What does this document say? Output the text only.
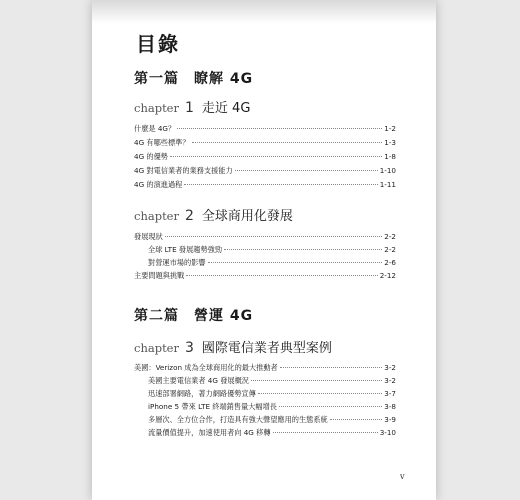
目錄
第一篇　瞭解 4G
chapter 1 走近 4G
什麼是 4G？	1-2
4G 有哪些標準？	1-3
4G 的優勢	1-8
4G 對電信業者的業務支援能力	1-10
4G 的演進過程	1-11
chapter 2 全球商用化發展
發展現狀	2-2
全球 LTE 發展趨勢強勁	2-2
對營運市場的影響	2-6
主要問題與挑戰	2-12
第二篇　營運 4G
chapter 3 國際電信業者典型案例
美國：Verizon 成為全球商用化的最大推動者	3-2
美國主要電信業者 4G 發展概況	3-2
迅速部署網路，著力網路優勢宣傳	3-7
iPhone 5 帶來 LTE 終端銷售量大幅增長	3-8
多層次、全方位合作，打造具有強大聲望應用的生態系統	3-9
流量價值提升，加速使用者向 4G 移轉	3-10
v
